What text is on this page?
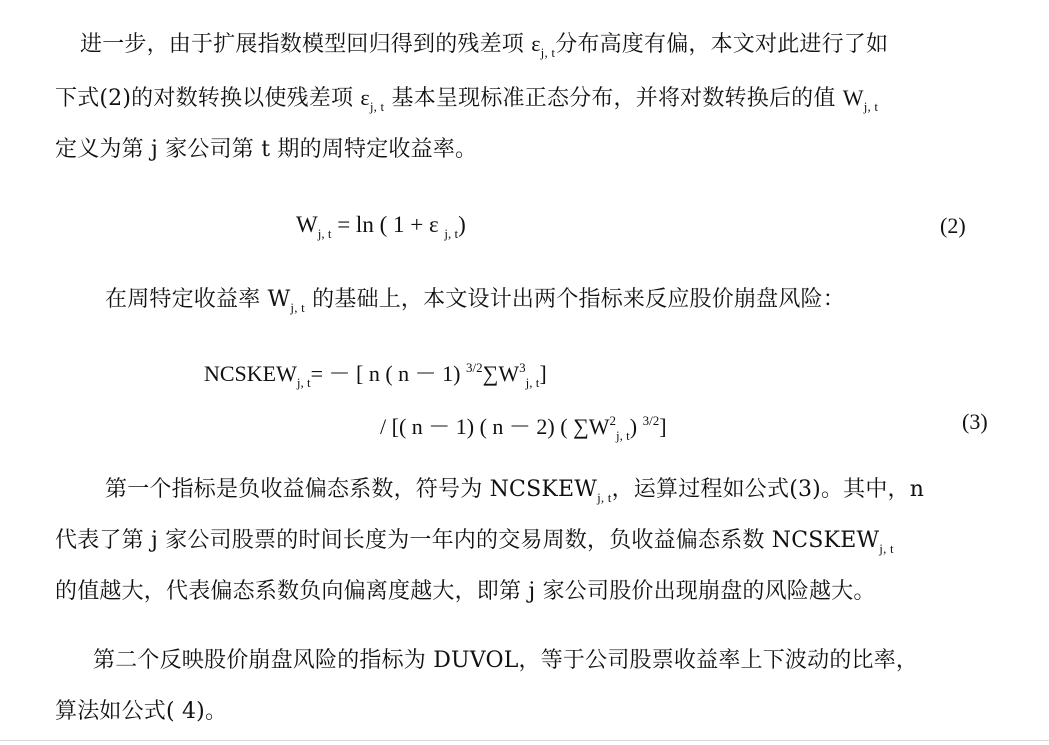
进一步，由于扩展指数模型回归得到的残差项 $\varepsilon_{j, t}$分布高度有偏，本文对此进行了如
下式(2)的对数转换以使残差项 $\varepsilon_{j, t}$ 基本呈现标准正态分布，并将对数转换后的值 $W_{j, t}$
定义为第 j 家公司第 t 期的周特定收益率。
$W_{j, t} = \ln$ ( 1 + ε $_{j, t}$)	(2)
在周特定收益率 $W_{j, t}$ 的基础上，本文设计出两个指标来反应股价崩盘风险：
$NCSKEW_{j, t}=$ － [ n ( n － 1) $^{3/2}\sum W^3_{j, t}$]
/ [( n － 1) ( n － 2) ( $\sum W^2_{j, t}$) $^{3/2}$]	(3)
第一个指标是负收益偏态系数，符号为 $NCSKEW_{j, t}$，运算过程如公式(3)。其中，n
代表了第 j 家公司股票的时间长度为一年内的交易周数，负收益偏态系数 $NCSKEW_{j, t}$
的值越大，代表偏态系数负向偏离度越大，即第 j 家公司股价出现崩盘的风险越大。
第二个反映股价崩盘风险的指标为 DUVOL，等于公司股票收益率上下波动的比率，
算法如公式( 4)。
